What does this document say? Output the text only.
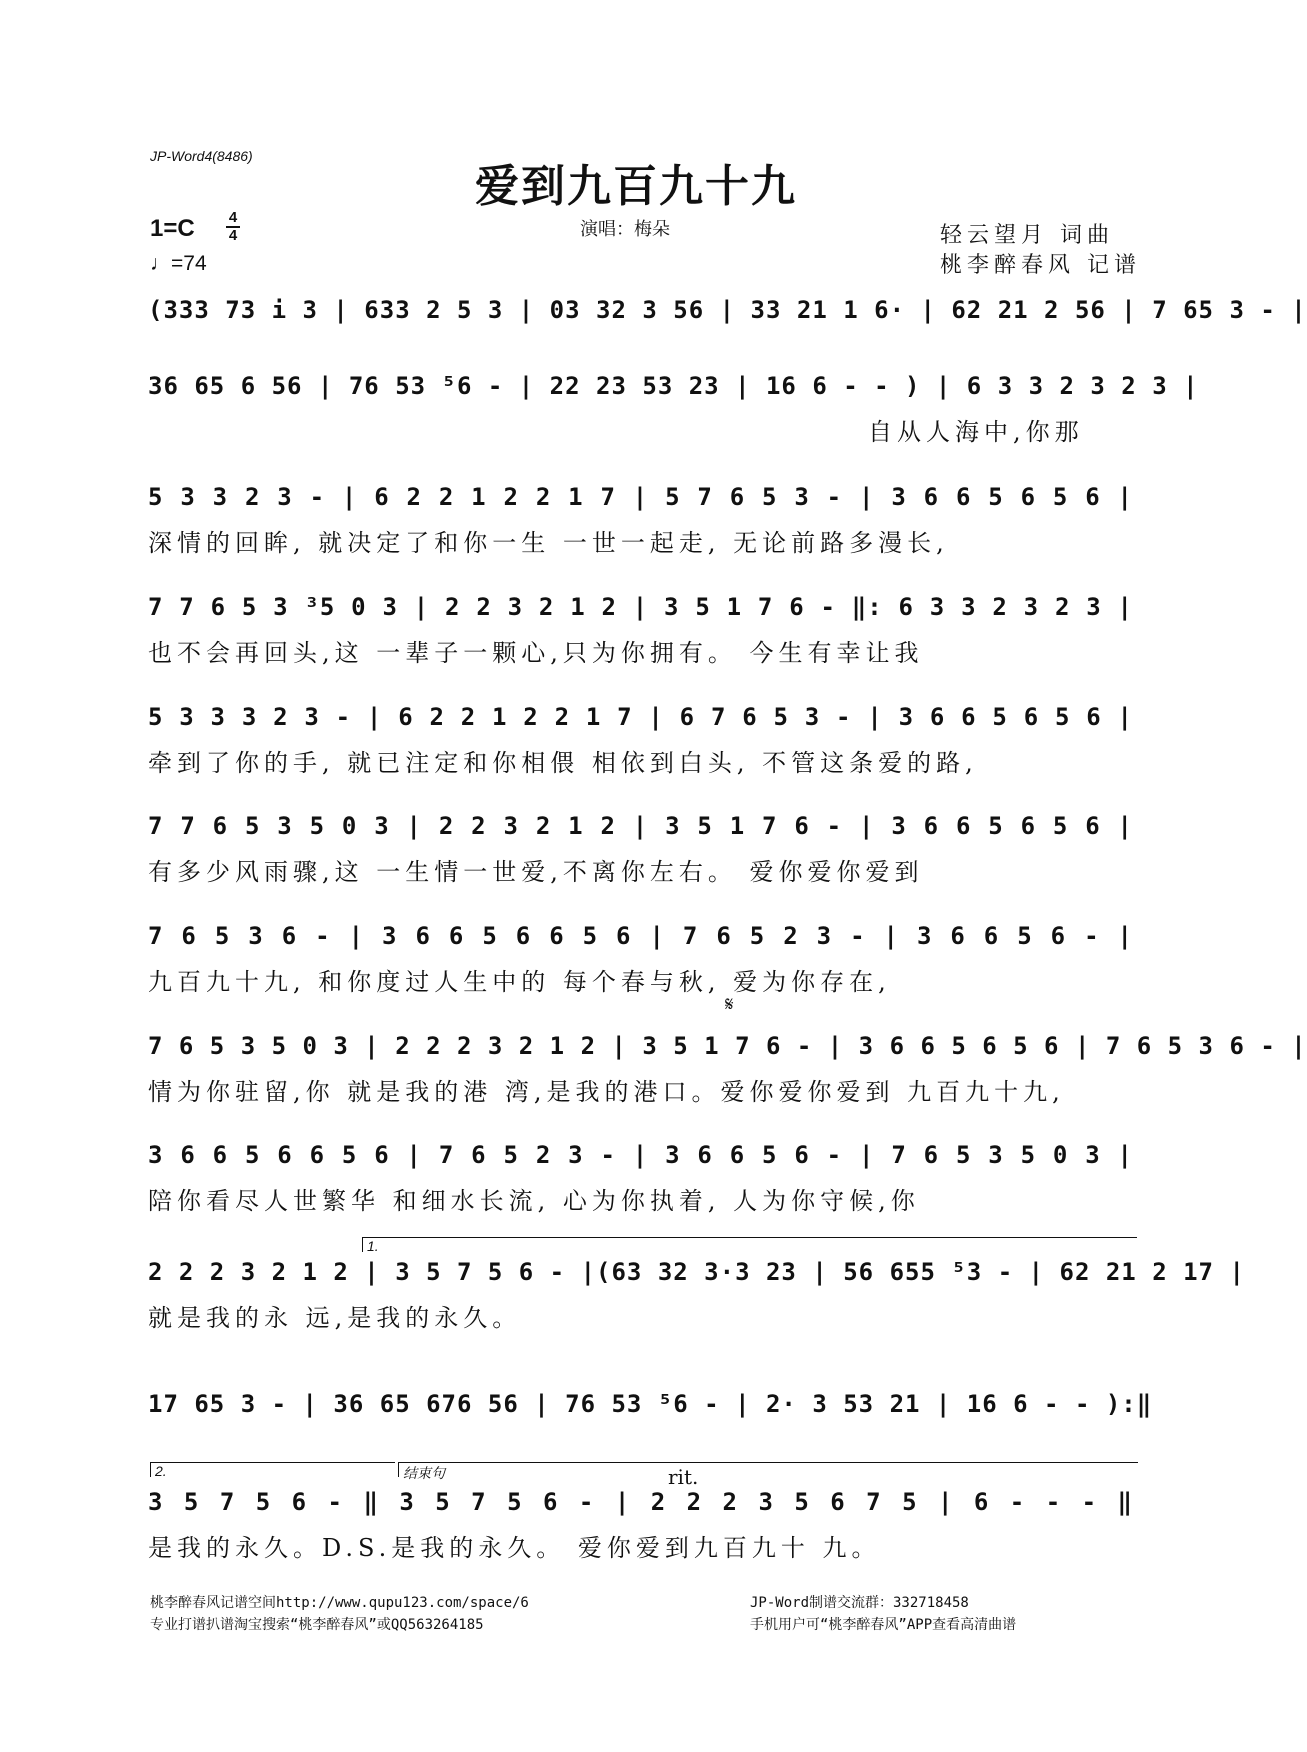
JP-Word4(8486)
爱到九百九十九
演唱：梅朵
1=C 4
4
♩=74
轻云望月 词曲
桃李醉春风 记谱
(333 73 i 3 | 633 2 5 3 | 03 32 3 56 | 33 21 1 6· | 62 21 2 56 | 7 65 3 - |
36 65 6 56 | 76 53 ⁵6 - | 22 23 53 23 | 16 6 - - ) | 6 3 3 2 3 2 3 |
自从人海中,你那
5 3 3 2 3 - | 6 2 2 1 2 2 1 7 | 5 7 6 5 3 - | 3 6 6 5 6 5 6 |
深情的回眸, 就决定了和你一生 一世一起走, 无论前路多漫长,
7 7 6 5 3 ³5 0 3 | 2 2 3 2 1 2 | 3 5 1 7 6 - ‖: 6 3 3 2 3 2 3 |
也不会再回头,这 一辈子一颗心,只为你拥有。 今生有幸让我
5 3 3 3 2 3 - | 6 2 2 1 2 2 1 7 | 6 7 6 5 3 - | 3 6 6 5 6 5 6 |
牵到了你的手, 就已注定和你相偎 相依到白头, 不管这条爱的路,
7 7 6 5 3 5 0 3 | 2 2 3 2 1 2 | 3 5 1 7 6 - | 3 6 6 5 6 5 6 |
有多少风雨骤,这 一生情一世爱,不离你左右。 爱你爱你爱到
7 6 5 3 6 - | 3 6 6 5 6 6 5 6 | 7 6 5 2 3 - | 3 6 6 5 6 - |
九百九十九, 和你度过人生中的 每个春与秋, 爱为你存在,
𝄋
7 6 5 3 5 0 3 | 2 2 2 3 2 1 2 | 3 5 1 7 6 - | 3 6 6 5 6 5 6 | 7 6 5 3 6 - |
情为你驻留,你 就是我的港 湾,是我的港口。爱你爱你爱到 九百九十九,
3 6 6 5 6 6 5 6 | 7 6 5 2 3 - | 3 6 6 5 6 - | 7 6 5 3 5 0 3 |
陪你看尽人世繁华 和细水长流, 心为你执着, 人为你守候,你
1.
2 2 2 3 2 1 2 | 3 5 7 5 6 - |(63 32 3·3 23 | 56 655 ⁵3 - | 62 21 2 17 |
就是我的永 远,是我的永久。
17 65 3 - | 36 65 676 56 | 76 53 ⁵6 - | 2· 3 53 21 | 16 6 - - ):‖
2.	结束句	rit.
3 5 7 5 6 - ‖ 3 5 7 5 6 - | 2 2 2 3 5 6 7 5 | 6 - - - ‖
是我的永久。D.S.是我的永久。 爱你爱到九百九十 九。
桃李醉春风记谱空间http://www.qupu123.com/space/6
专业打谱扒谱淘宝搜索“桃李醉春风”或QQ563264185
JP-Word制谱交流群：332718458
手机用户可“桃李醉春风”APP查看高清曲谱
